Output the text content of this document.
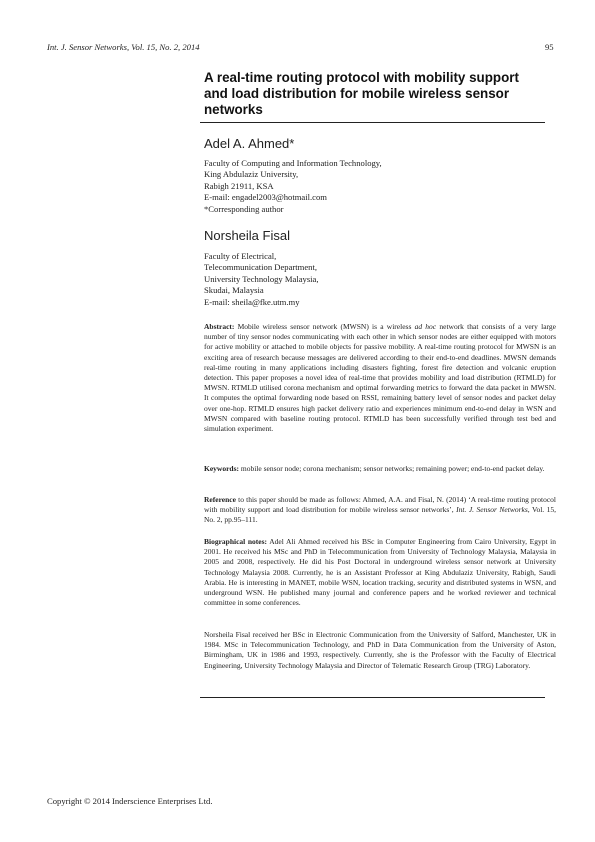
Int. J. Sensor Networks, Vol. 15, No. 2, 2014	95
A real-time routing protocol with mobility support
and load distribution for mobile wireless sensor
networks
Adel A. Ahmed*
Faculty of Computing and Information Technology,
King Abdulaziz University,
Rabigh 21911, KSA
E-mail: engadel2003@hotmail.com
*Corresponding author
Norsheila Fisal
Faculty of Electrical,
Telecommunication Department,
University Technology Malaysia,
Skudai, Malaysia
E-mail: sheila@fke.utm.my

Abstract: Mobile wireless sensor network (MWSN) is a wireless ad hoc network that consists of a very large number of tiny sensor nodes communicating with each other in which sensor nodes are either equipped with motors for active mobility or attached to mobile objects for passive mobility. A real-time routing protocol for MWSN is an exciting area of research because messages are delivered according to their end-to-end deadlines. MWSN demands real-time routing in many applications including disasters fighting, forest fire detection and volcanic eruption detection. This paper proposes a novel idea of real-time that provides mobility and load distribution (RTMLD) for MWSN. RTMLD utilised corona mechanism and optimal forwarding metrics to forward the data packet in MWSN. It computes the optimal forwarding node based on RSSI, remaining battery level of sensor nodes and packet delay over one-hop. RTMLD ensures high packet delivery ratio and experiences minimum end-to-end delay in WSN and MWSN compared with baseline routing protocol. RTMLD has been successfully verified through test bed and simulation experiment.

Keywords: mobile sensor node; corona mechanism; sensor networks; remaining power; end-to-end packet delay.

Reference to this paper should be made as follows: Ahmed, A.A. and Fisal, N. (2014) ‘A real-time routing protocol with mobility support and load distribution for mobile wireless sensor networks’, Int. J. Sensor Networks, Vol. 15, No. 2, pp.95–111.

Biographical notes: Adel Ali Ahmed received his BSc in Computer Engineering from Cairo University, Egypt in 2001. He received his MSc and PhD in Telecommunication from University of Technology Malaysia, Malaysia in 2005 and 2008, respectively. He did his Post Doctoral in underground wireless sensor network at University Technology Malaysia 2008. Currently, he is an Assistant Professor at King Abdulaziz University, Rabigh, Saudi Arabia. He is interesting in MANET, mobile WSN, location tracking, security and distributed systems in WSN, and underground WSN. He published many journal and conference papers and he worked reviewer and technical committee in some conferences.

Norsheila Fisal received her BSc in Electronic Communication from the University of Salford, Manchester, UK in 1984. MSc in Telecommunication Technology, and PhD in Data Communication from the University of Aston, Birmingham, UK in 1986 and 1993, respectively. Currently, she is the Professor with the Faculty of Electrical Engineering, University Technology Malaysia and Director of Telematic Research Group (TRG) Laboratory.

Copyright © 2014 Inderscience Enterprises Ltd.
